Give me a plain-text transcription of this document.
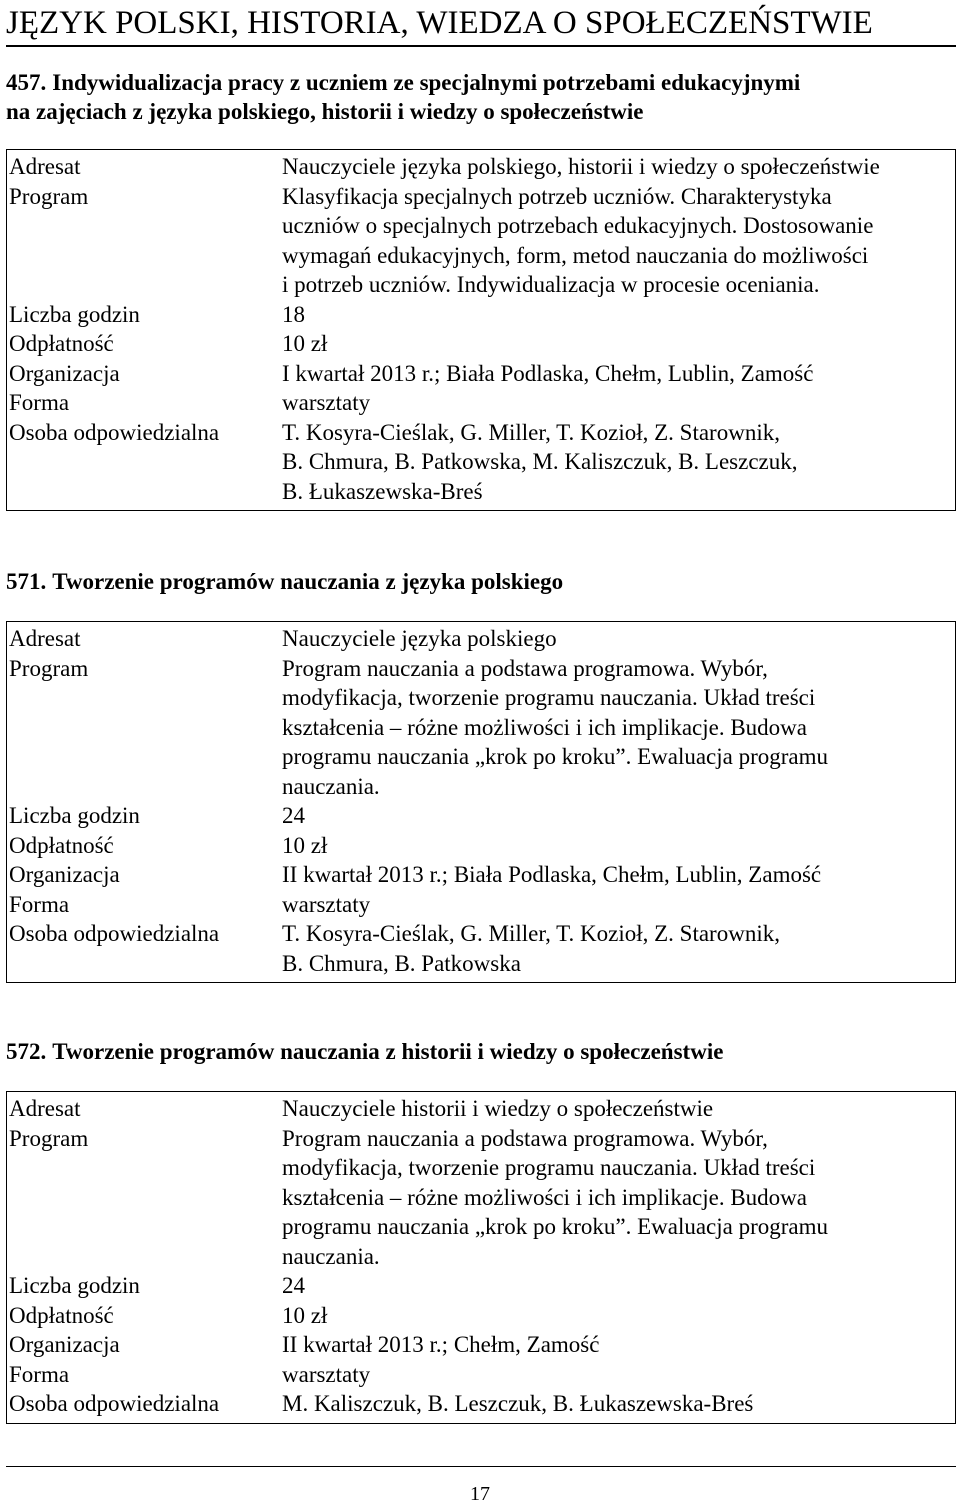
JĘZYK POLSKI, HISTORIA, WIEDZA O SPOŁECZEŃSTWIE
457. Indywidualizacja pracy z uczniem ze specjalnymi potrzebami edukacyjnymi
na zajęciach z języka polskiego, historii i wiedzy o społeczeństwie
Adresat	Nauczyciele języka polskiego, historii i wiedzy o społeczeństwie
Program	Klasyfikacja specjalnych potrzeb uczniów. Charakterystyka
uczniów o specjalnych potrzebach edukacyjnych. Dostosowanie
wymagań edukacyjnych, form, metod nauczania do możliwości
i potrzeb uczniów. Indywidualizacja w procesie oceniania.
Liczba godzin	18
Odpłatność	10 zł
Organizacja	I kwartał 2013 r.; Biała Podlaska, Chełm, Lublin, Zamość
Forma	warsztaty
Osoba odpowiedzialna	T. Kosyra-Cieślak, G. Miller, T. Kozioł, Z. Starownik,
B. Chmura, B. Patkowska, M. Kaliszczuk, B. Leszczuk,
B. Łukaszewska-Breś
571. Tworzenie programów nauczania z języka polskiego
Adresat	Nauczyciele języka polskiego
Program	Program nauczania a podstawa programowa. Wybór,
modyfikacja, tworzenie programu nauczania. Układ treści
kształcenia – różne możliwości i ich implikacje. Budowa
programu nauczania „krok po kroku”. Ewaluacja programu
nauczania.
Liczba godzin	24
Odpłatność	10 zł
Organizacja	II kwartał 2013 r.; Biała Podlaska, Chełm, Lublin, Zamość
Forma	warsztaty
Osoba odpowiedzialna	T. Kosyra-Cieślak, G. Miller, T. Kozioł, Z. Starownik,
B. Chmura, B. Patkowska
572. Tworzenie programów nauczania z historii i wiedzy o społeczeństwie
Adresat	Nauczyciele historii i wiedzy o społeczeństwie
Program	Program nauczania a podstawa programowa. Wybór,
modyfikacja, tworzenie programu nauczania. Układ treści
kształcenia – różne możliwości i ich implikacje. Budowa
programu nauczania „krok po kroku”. Ewaluacja programu
nauczania.
Liczba godzin	24
Odpłatność	10 zł
Organizacja	II kwartał 2013 r.; Chełm, Zamość
Forma	warsztaty
Osoba odpowiedzialna	M. Kaliszczuk, B. Leszczuk, B. Łukaszewska-Breś
17
